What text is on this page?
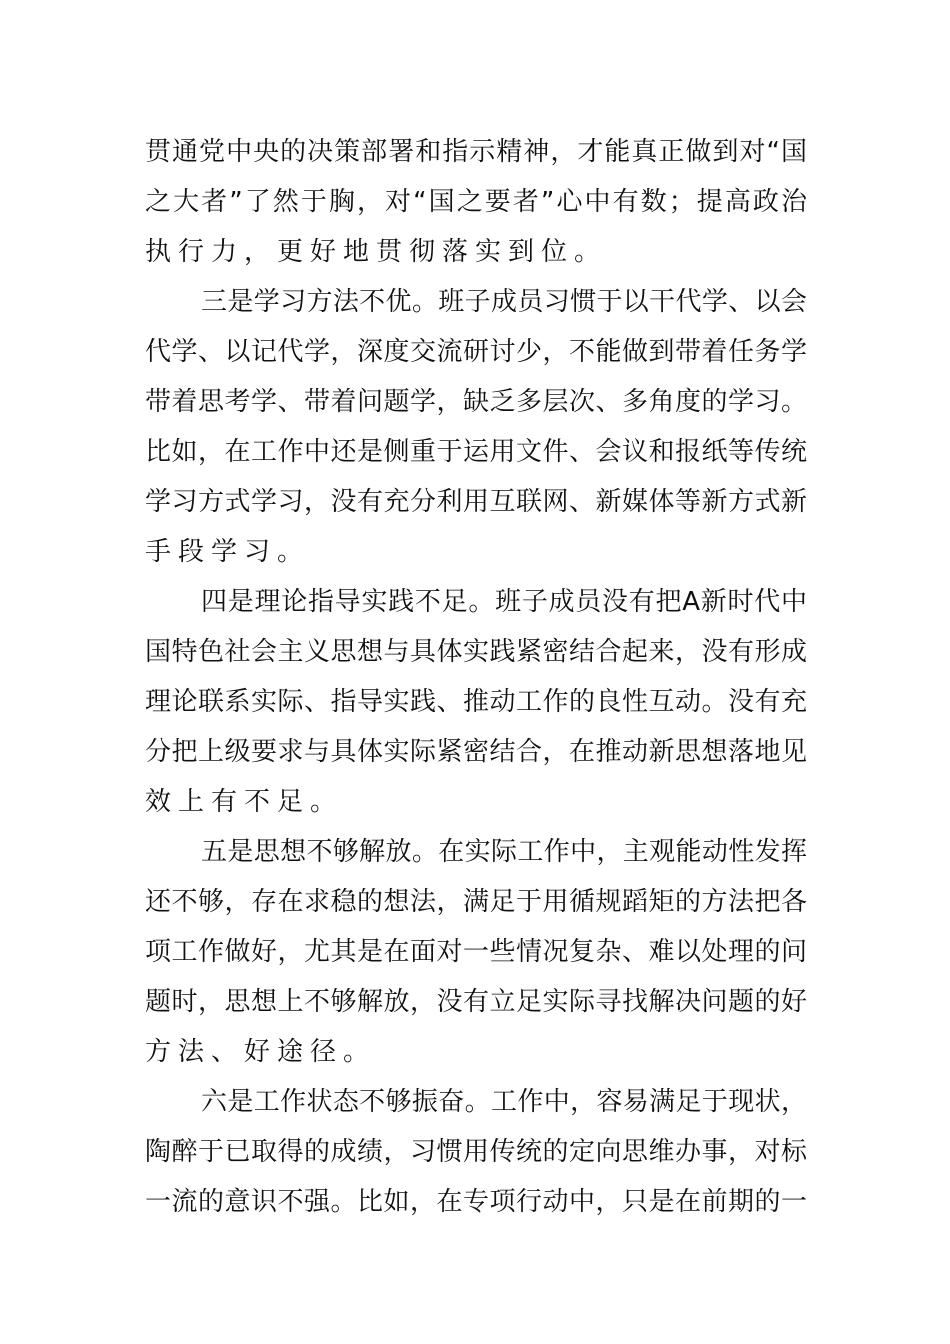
贯通党中央的决策部署和指示精神，才能真正做到对“国
之大者”了然于胸，对“国之要者”心中有数；提高政治
执行力，更好地贯彻落实到位。
三是学习方法不优。班子成员习惯于以干代学、以会
代学、以记代学，深度交流研讨少，不能做到带着任务学
带着思考学、带着问题学，缺乏多层次、多角度的学习。
比如，在工作中还是侧重于运用文件、会议和报纸等传统
学习方式学习，没有充分利用互联网、新媒体等新方式新
手段学习。
四是理论指导实践不足。班子成员没有把A新时代中
国特色社会主义思想与具体实践紧密结合起来，没有形成
理论联系实际、指导实践、推动工作的良性互动。没有充
分把上级要求与具体实际紧密结合，在推动新思想落地见
效上有不足。
五是思想不够解放。在实际工作中，主观能动性发挥
还不够，存在求稳的想法，满足于用循规蹈矩的方法把各
项工作做好，尤其是在面对一些情况复杂、难以处理的问
题时，思想上不够解放，没有立足实际寻找解决问题的好
方法、好途径。
六是工作状态不够振奋。工作中，容易满足于现状，
陶醉于已取得的成绩，习惯用传统的定向思维办事，对标
一流的意识不强。比如，在专项行动中，只是在前期的一
